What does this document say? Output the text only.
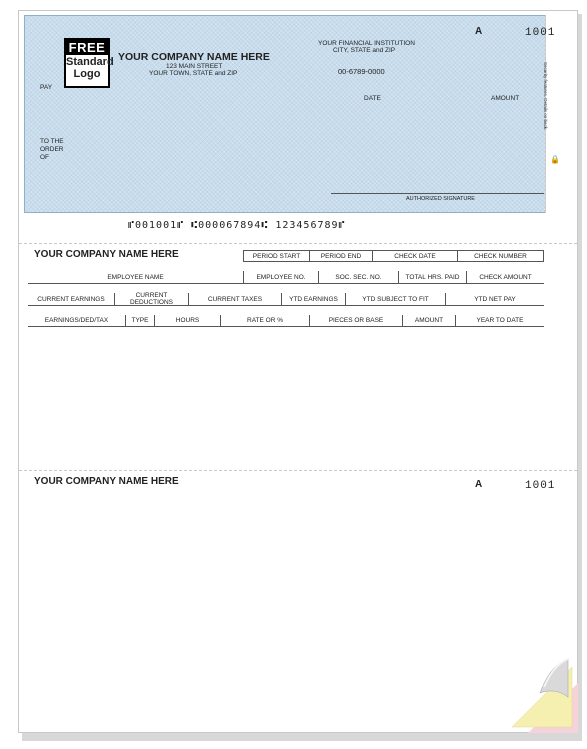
FREE
Standard
Logo
YOUR COMPANY NAME HERE
123 MAIN STREET
YOUR TOWN, STATE and ZIP
YOUR FINANCIAL INSTITUTION
CITY, STATE and ZIP
00-6789-0000
A	1001
PAY
DATE	AMOUNT
TO THE
ORDER
OF
AUTHORIZED SIGNATURE
Security features. Details on back.
🔒
⑈001001⑈ ⑆000067894⑆ 123456789⑈
YOUR COMPANY NAME HERE	PERIOD START	PERIOD END	CHECK DATE	CHECK NUMBER
EMPLOYEE NAME	EMPLOYEE NO.	SOC. SEC. NO.	TOTAL HRS. PAID	CHECK AMOUNT
CURRENT EARNINGS	CURRENT DEDUCTIONS	CURRENT TAXES	YTD EARNINGS	YTD SUBJECT TO FIT	YTD NET PAY
EARNINGS/DED/TAX	TYPE	HOURS	RATE OR %	PIECES OR BASE	AMOUNT	YEAR TO DATE
YOUR COMPANY NAME HERE	A	1001
